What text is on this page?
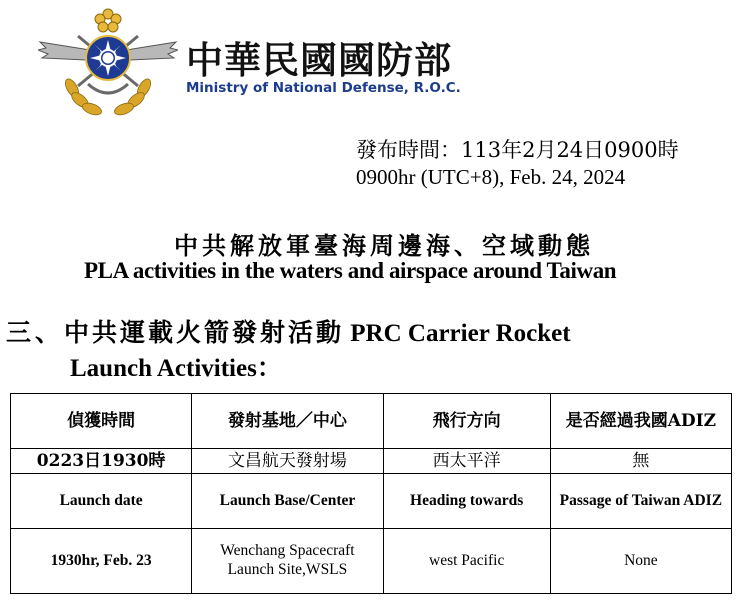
中華民國國防部
Ministry of National Defense, R.O.C.
發布時間：113年2月24日0900時
0900hr (UTC+8), Feb. 24, 2024
中共解放軍臺海周邊海、空域動態
PLA activities in the waters and airspace around Taiwan
三、中共運載火箭發射活動 PRC Carrier Rocket
Launch Activities：
偵獲時間	發射基地／中心	飛行方向	是否經過我國ADIZ
0223日1930時	文昌航天發射場	西太平洋	無
Launch date	Launch Base/Center	Heading towards	Passage of Taiwan ADIZ
1930hr, Feb. 23	Wenchang Spacecraft Launch Site,WSLS	west Pacific	None
